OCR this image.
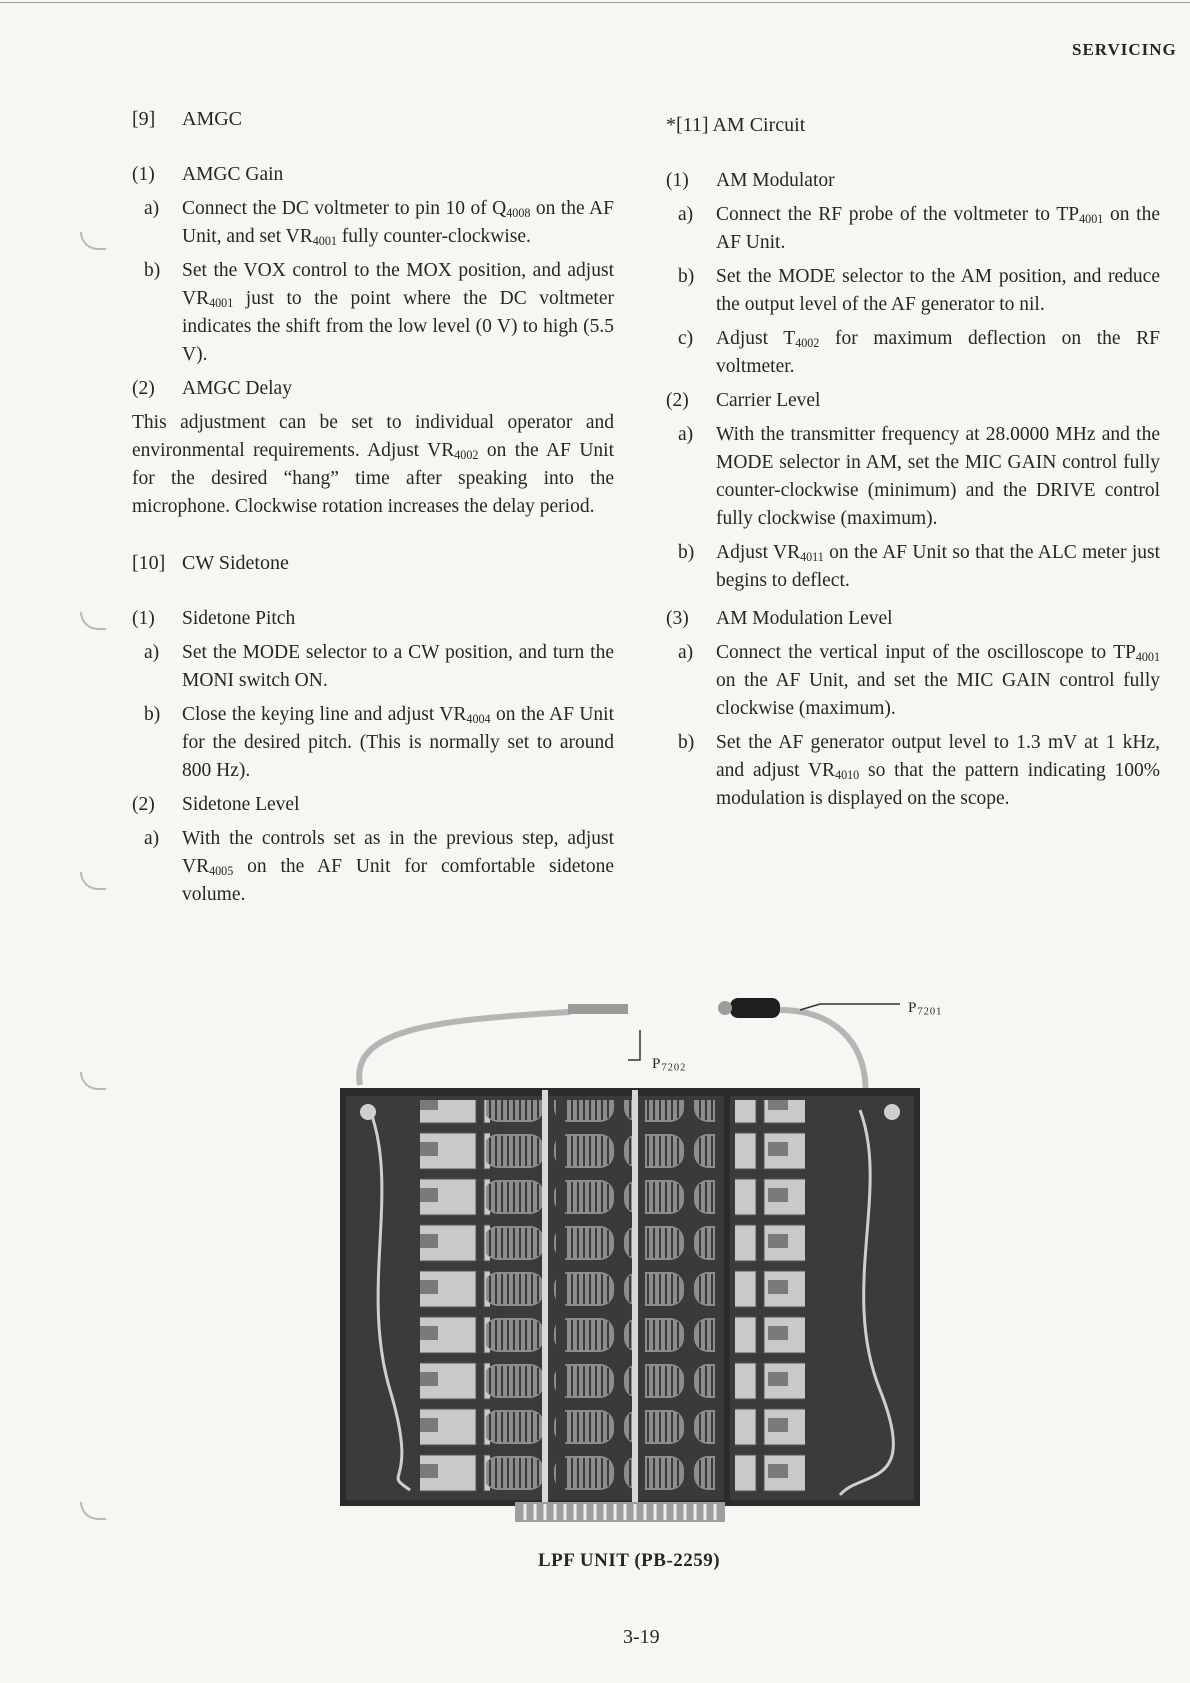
SERVICING

[9] AMGC

(1) AMGC Gain

a) Connect the DC voltmeter to pin 10 of $Q_{4008}$ on the AF Unit, and set $VR_{4001}$ fully counter-clockwise.

b) Set the VOX control to the MOX position, and adjust $VR_{4001}$ just to the point where the DC voltmeter indicates the shift from the low level (0 V) to high (5.5 V).

(2) AMGC Delay

This adjustment can be set to individual operator and environmental requirements. Adjust $VR_{4002}$ on the AF Unit for the desired “hang” time after speaking into the microphone. Clockwise rotation increases the delay period.

[10] CW Sidetone

(1) Sidetone Pitch

a) Set the MODE selector to a CW position, and turn the MONI switch ON.

b) Close the keying line and adjust $VR_{4004}$ on the AF Unit for the desired pitch. (This is normally set to around 800 Hz).

(2) Sidetone Level

a) With the controls set as in the previous step, adjust $VR_{4005}$ on the AF Unit for comfortable sidetone volume.

*[11] AM Circuit

(1) AM Modulator

a) Connect the RF probe of the voltmeter to $TP_{4001}$ on the AF Unit.

b) Set the MODE selector to the AM position, and reduce the output level of the AF generator to nil.

c) Adjust $T_{4002}$ for maximum deflection on the RF voltmeter.

(2) Carrier Level

a) With the transmitter frequency at 28.0000 MHz and the MODE selector in AM, set the MIC GAIN control fully counter-clockwise (minimum) and the DRIVE control fully clockwise (maximum).

b) Adjust $VR_{4011}$ on the AF Unit so that the ALC meter just begins to deflect.

(3) AM Modulation Level

a) Connect the vertical input of the oscilloscope to $TP_{4001}$ on the AF Unit, and set the MIC GAIN control fully clockwise (maximum).

b) Set the AF generator output level to 1.3 mV at 1 kHz, and adjust $VR_{4010}$ so that the pattern indicating 100% modulation is displayed on the scope.

$P_{7201}$
$P_{7202}$
LPF UNIT (PB-2259)
3-19
